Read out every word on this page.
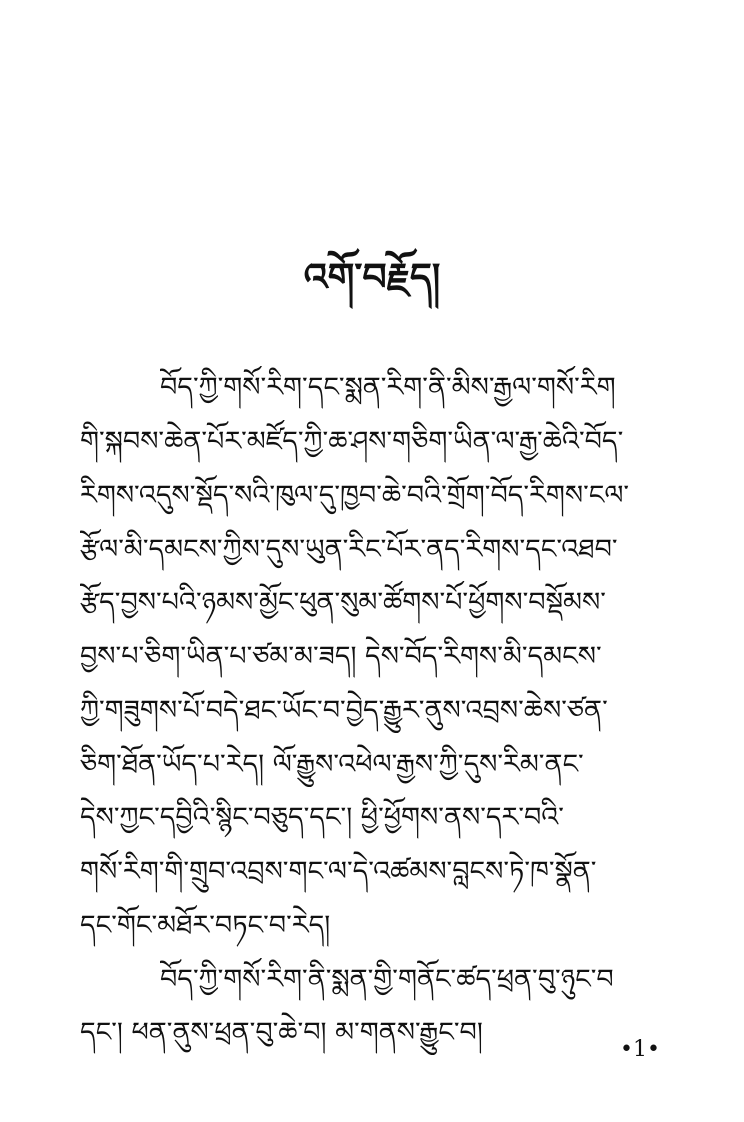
འགོ་བརྗོད།
བོད་ཀྱི་གསོ་རིག་དང་སྨན་རིག་ནི་མིས་རྒྱལ་གསོ་རིག
གི་སྐབས་ཆེན་པོར་མཛོད་ཀྱི་ཆ་ཤས་གཅིག་ཡིན་ལ་རྒྱ་ཆེའི་བོད་
རིགས་འདུས་སྡོད་སའི་ཁུལ་དུ་ཁྱབ་ཆེ་བའི་གྲོག་བོད་རིགས་ངལ་
རྩོལ་མི་དམངས་ཀྱིས་དུས་ཡུན་རིང་པོར་ནད་རིགས་དང་འཐབ་
རྩོད་བྱས་པའི་ཉམས་མྱོང་ཕུན་སུམ་ཚོགས་པོ་ཕྱོགས་བསྡོམས་
བྱས་པ་ཅིག་ཡིན་པ་ཙམ་མ་ཟད། དེས་བོད་རིགས་མི་དམངས་
ཀྱི་གཟུགས་པོ་བདེ་ཐང་ཡོང་བ་བྱེད་རྒྱུར་ནུས་འབྲས་ཆེས་ཙན་
ཅིག་ཐོན་ཡོད་པ་རེད། ལོ་རྒྱུས་འཕེལ་རྒྱས་ཀྱི་དུས་རིམ་ནང་
དེས་ཀྱང་དབྱིའི་སྙིང་བཅུད་དང་། ཕྱི་ཕྱོགས་ནས་དར་བའི་
གསོ་རིག་གི་གྲུབ་འབྲས་གང་ལ་དེ་འཚམས་བླངས་ཏེ་ཁ་སྣོན་
དང་གོང་མཐོར་བཏང་བ་རེད།
བོད་ཀྱི་གསོ་རིག་ནི་སྨན་གྱི་གནོང་ཚད་ཕྲན་བུ་ཉུང་བ
དང་། ཕན་ནུས་ཕྲན་བུ་ཆེ་བ། མ་གནས་རྒྱུང་བ།
•1•
